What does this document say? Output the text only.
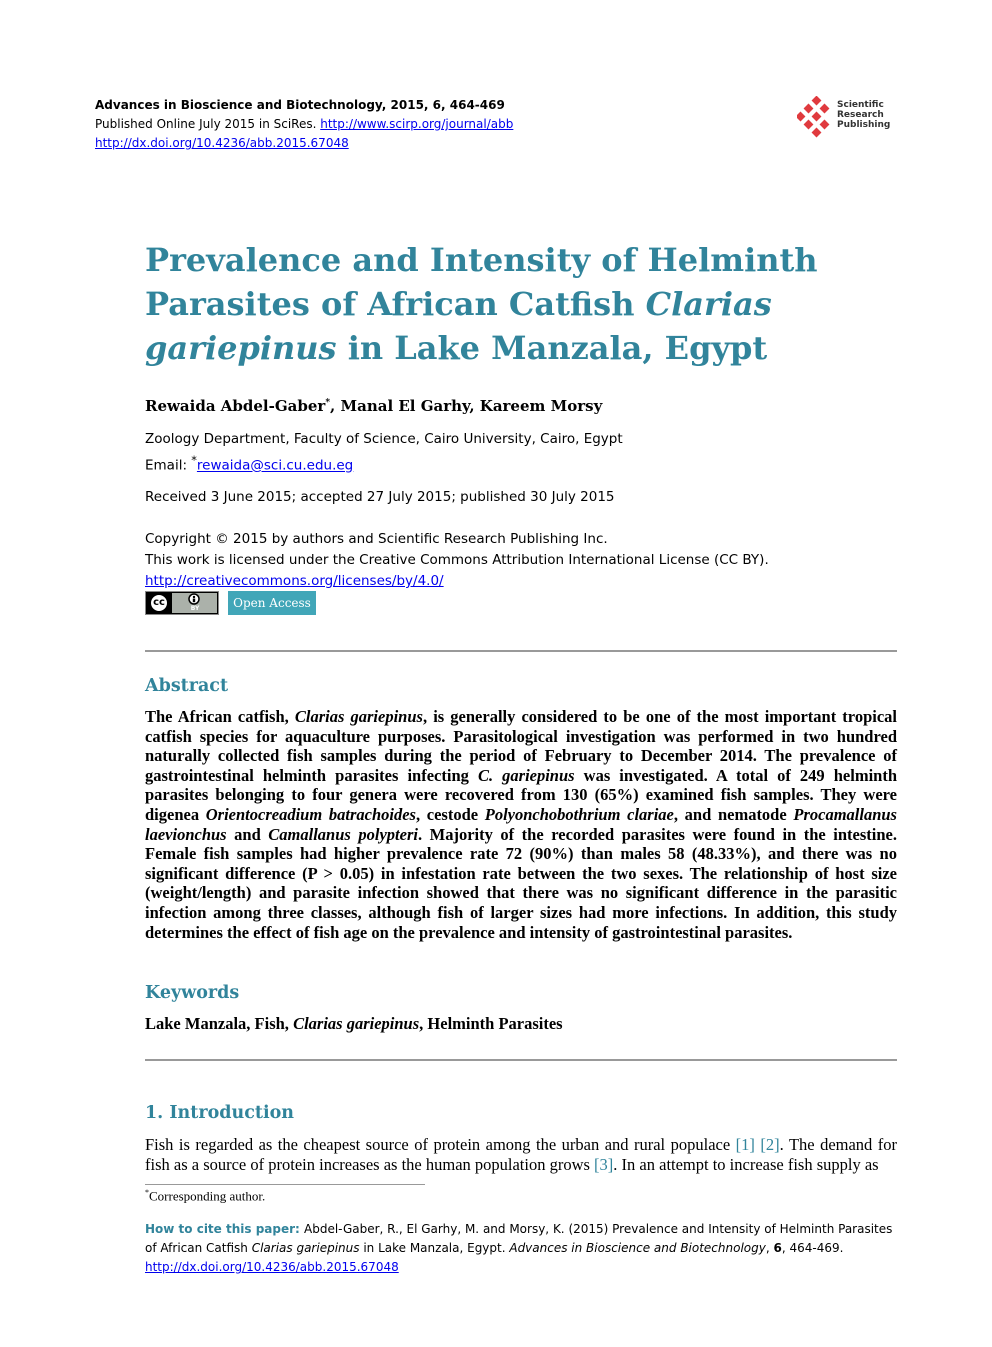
Advances in Bioscience and Biotechnology, 2015, 6, 464-469
Published Online July 2015 in SciRes. http://www.scirp.org/journal/abb
http://dx.doi.org/10.4236/abb.2015.67048
Scientific
Research
Publishing
Prevalence and Intensity of Helminth Parasites of African Catfish Clarias gariepinus in Lake Manzala, Egypt
Rewaida Abdel-Gaber*, Manal El Garhy, Kareem Morsy
Zoology Department, Faculty of Science, Cairo University, Cairo, Egypt
Email: *rewaida@sci.cu.edu.eg
Received 3 June 2015; accepted 27 July 2015; published 30 July 2015
Copyright © 2015 by authors and Scientific Research Publishing Inc.
This work is licensed under the Creative Commons Attribution International License (CC BY).
http://creativecommons.org/licenses/by/4.0/
cc
BY	Open Access
Abstract

The African catfish, Clarias gariepinus, is generally considered to be one of the most important tropical catfish species for aquaculture purposes. Parasitological investigation was performed in two hundred naturally collected fish samples during the period of February to December 2014. The prevalence of gastrointestinal helminth parasites infecting C. gariepinus was investigated. A total of 249 helminth parasites belonging to four genera were recovered from 130 (65%) examined fish samples. They were digenea Orientocreadium batrachoides, cestode Polyonchobothrium clariae, and nematode Procamallanus laevionchus and Camallanus polypteri. Majority of the recorded parasites were found in the intestine. Female fish samples had higher prevalence rate 72 (90%) than males 58 (48.33%), and there was no significant difference (P > 0.05) in infestation rate between the two sexes. The relationship of host size (weight/length) and parasite infection showed that there was no significant difference in the parasitic infection among three classes, although fish of larger sizes had more infections. In addition, this study determines the effect of fish age on the prevalence and intensity of gastrointestinal parasites.

Keywords
Lake Manzala, Fish, Clarias gariepinus, Helminth Parasites
1. Introduction

Fish is regarded as the cheapest source of protein among the urban and rural populace [1] [2]. The demand for fish as a source of protein increases as the human population grows [3]. In an attempt to increase fish supply as

*Corresponding author.
How to cite this paper: Abdel-Gaber, R., El Garhy, M. and Morsy, K. (2015) Prevalence and Intensity of Helminth Parasites of African Catfish Clarias gariepinus in Lake Manzala, Egypt. Advances in Bioscience and Biotechnology, 6, 464-469.
http://dx.doi.org/10.4236/abb.2015.67048
